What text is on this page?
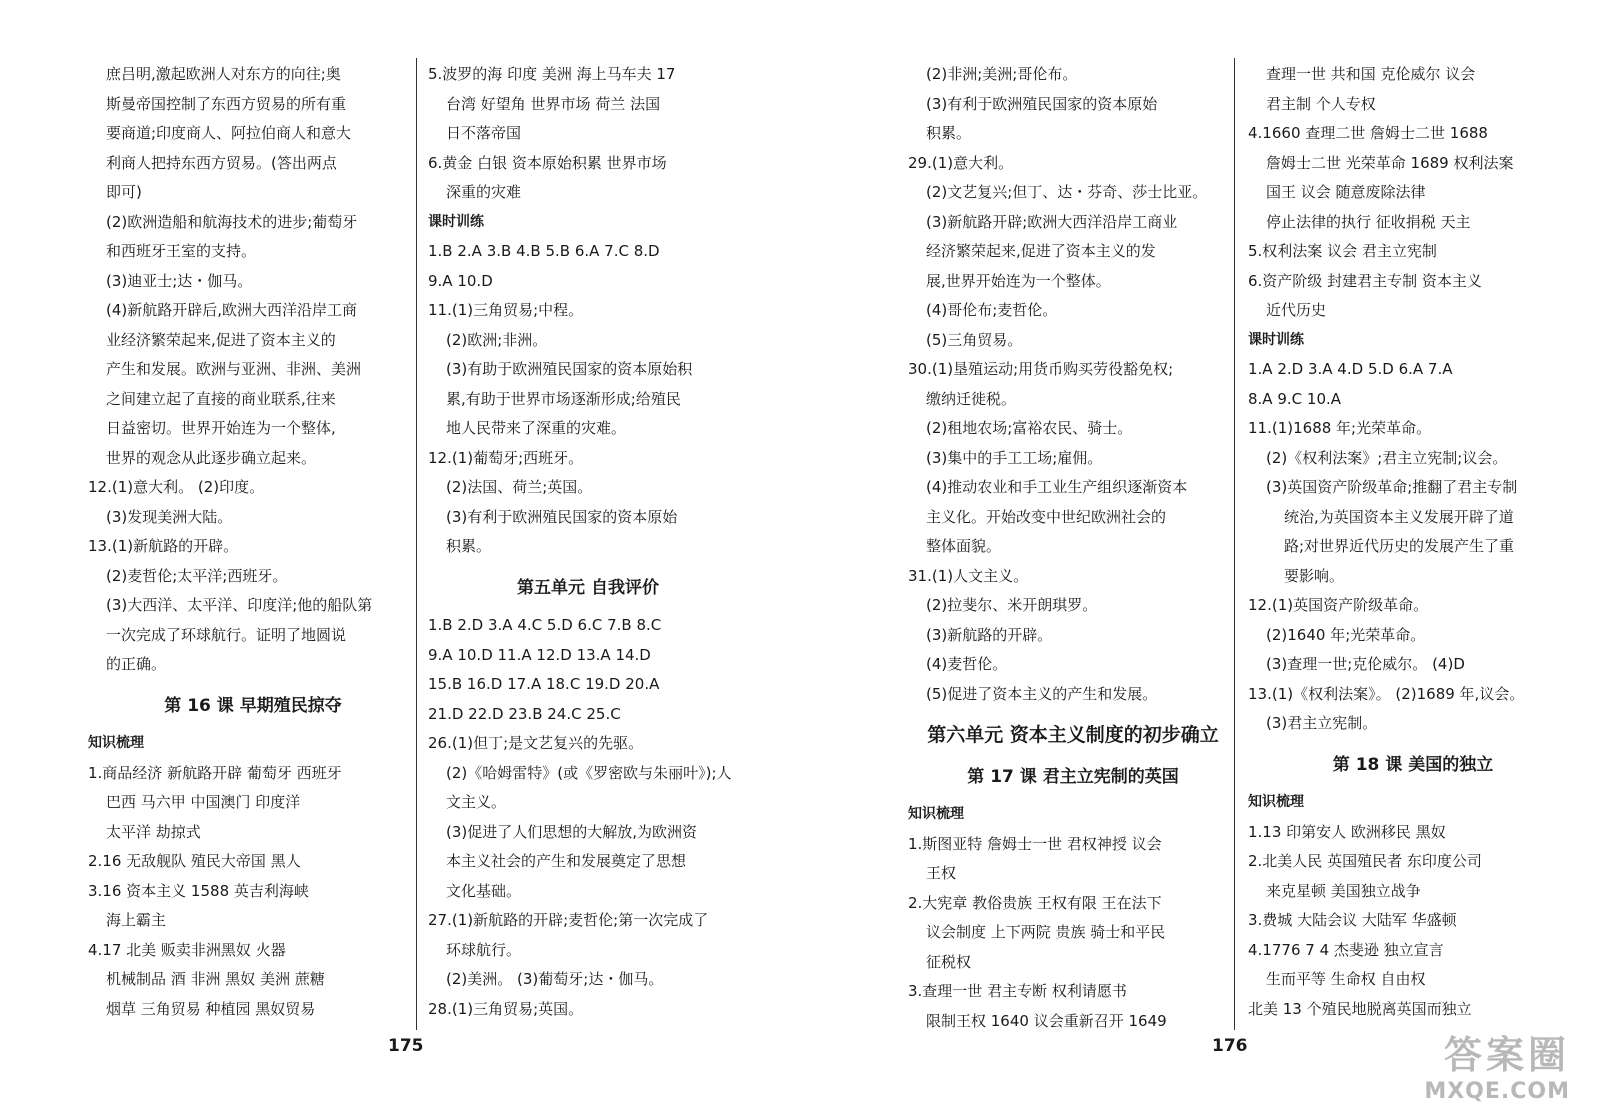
庶吕明,激起欧洲人对东方的向往;奥
斯曼帝国控制了东西方贸易的所有重
要商道;印度商人、阿拉伯商人和意大
利商人把持东西方贸易。(答出两点
即可)
(2)欧洲造船和航海技术的进步;葡萄牙
和西班牙王室的支持。
(3)迪亚士;达・伽马。
(4)新航路开辟后,欧洲大西洋沿岸工商
业经济繁荣起来,促进了资本主义的
产生和发展。欧洲与亚洲、非洲、美洲
之间建立起了直接的商业联系,往来
日益密切。世界开始连为一个整体,
世界的观念从此逐步确立起来。
12.(1)意大利。 (2)印度。
(3)发现美洲大陆。
13.(1)新航路的开辟。
(2)麦哲伦;太平洋;西班牙。
(3)大西洋、太平洋、印度洋;他的船队第
一次完成了环球航行。证明了地圆说
的正确。
第 16 课 早期殖民掠夺
知识梳理
1.商品经济 新航路开辟 葡萄牙 西班牙
巴西 马六甲 中国澳门 印度洋
太平洋 劫掠式
2.16 无敌舰队 殖民大帝国 黑人
3.16 资本主义 1588 英吉利海峡
海上霸主
4.17 北美 贩卖非洲黑奴 火器
机械制品 酒 非洲 黑奴 美洲 蔗糖
烟草 三角贸易 种植园 黑奴贸易
5.波罗的海 印度 美洲 海上马车夫 17
台湾 好望角 世界市场 荷兰 法国
日不落帝国
6.黄金 白银 资本原始积累 世界市场
深重的灾难
课时训练
1.B 2.A 3.B 4.B 5.B 6.A 7.C 8.D
9.A 10.D
11.(1)三角贸易;中程。
(2)欧洲;非洲。
(3)有助于欧洲殖民国家的资本原始积
累,有助于世界市场逐渐形成;给殖民
地人民带来了深重的灾难。
12.(1)葡萄牙;西班牙。
(2)法国、荷兰;英国。
(3)有利于欧洲殖民国家的资本原始
积累。
第五单元 自我评价
1.B 2.D 3.A 4.C 5.D 6.C 7.B 8.C
9.A 10.D 11.A 12.D 13.A 14.D
15.B 16.D 17.A 18.C 19.D 20.A
21.D 22.D 23.B 24.C 25.C
26.(1)但丁;是文艺复兴的先驱。
(2)《哈姆雷特》(或《罗密欧与朱丽叶》);人
文主义。
(3)促进了人们思想的大解放,为欧洲资
本主义社会的产生和发展奠定了思想
文化基础。
27.(1)新航路的开辟;麦哲伦;第一次完成了
环球航行。
(2)美洲。 (3)葡萄牙;达・伽马。
28.(1)三角贸易;英国。
(2)非洲;美洲;哥伦布。
(3)有利于欧洲殖民国家的资本原始
积累。
29.(1)意大利。
(2)文艺复兴;但丁、达・芬奇、莎士比亚。
(3)新航路开辟;欧洲大西洋沿岸工商业
经济繁荣起来,促进了资本主义的发
展,世界开始连为一个整体。
(4)哥伦布;麦哲伦。
(5)三角贸易。
30.(1)垦殖运动;用货币购买劳役豁免权;
缴纳迁徙税。
(2)租地农场;富裕农民、骑士。
(3)集中的手工工场;雇佣。
(4)推动农业和手工业生产组织逐渐资本
主义化。开始改变中世纪欧洲社会的
整体面貌。
31.(1)人文主义。
(2)拉斐尔、米开朗琪罗。
(3)新航路的开辟。
(4)麦哲伦。
(5)促进了资本主义的产生和发展。
第六单元 资本主义制度的初步确立
第 17 课 君主立宪制的英国
知识梳理
1.斯图亚特 詹姆士一世 君权神授 议会
王权
2.大宪章 教俗贵族 王权有限 王在法下
议会制度 上下两院 贵族 骑士和平民
征税权
3.查理一世 君主专断 权利请愿书
限制王权 1640 议会重新召开 1649
查理一世 共和国 克伦威尔 议会
君主制 个人专权
4.1660 查理二世 詹姆士二世 1688
詹姆士二世 光荣革命 1689 权利法案
国王 议会 随意废除法律
停止法律的执行 征收捐税 天主
5.权利法案 议会 君主立宪制
6.资产阶级 封建君主专制 资本主义
近代历史
课时训练
1.A 2.D 3.A 4.D 5.D 6.A 7.A
8.A 9.C 10.A
11.(1)1688 年;光荣革命。
(2)《权利法案》;君主立宪制;议会。
(3)英国资产阶级革命;推翻了君主专制
统治,为英国资本主义发展开辟了道
路;对世界近代历史的发展产生了重
要影响。
12.(1)英国资产阶级革命。
(2)1640 年;光荣革命。
(3)查理一世;克伦威尔。 (4)D
13.(1)《权利法案》。 (2)1689 年,议会。
(3)君主立宪制。
第 18 课 美国的独立
知识梳理
1.13 印第安人 欧洲移民 黑奴
2.北美人民 英国殖民者 东印度公司
来克星顿 美国独立战争
3.费城 大陆会议 大陆军 华盛顿
4.1776 7 4 杰斐逊 独立宣言
生而平等 生命权 自由权
北美 13 个殖民地脱离英国而独立
175	176	答案圈
MXQE.COM
